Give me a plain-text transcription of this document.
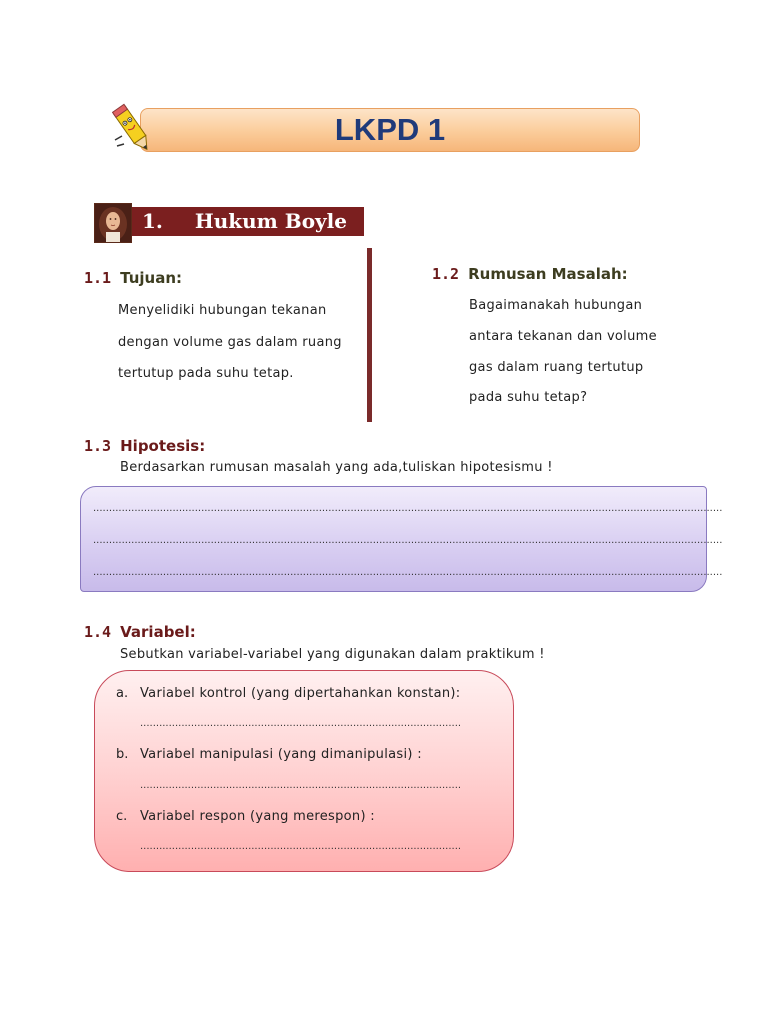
LKPD 1
1. Hukum Boyle
1.1 Tujuan:
Menyelidiki hubungan tekanan
dengan volume gas dalam ruang
tertutup pada suhu tetap.
1.2 Rumusan Masalah:
Bagaimanakah hubungan
antara tekanan dan volume
gas dalam ruang tertutup
pada suhu tetap?
1.3 Hipotesis:
Berdasarkan rumusan masalah yang ada,tuliskan hipotesismu !
......................................................................................................................................................................................................
......................................................................................................................................................................................................
......................................................................................................................................................................................................
1.4 Variabel:
Sebutkan variabel-variabel yang digunakan dalam praktikum !
a. Variabel kontrol (yang dipertahankan konstan):
.....................................................................................................
b. Variabel manipulasi (yang dimanipulasi) :
.....................................................................................................
c. Variabel respon (yang merespon) :
.....................................................................................................
